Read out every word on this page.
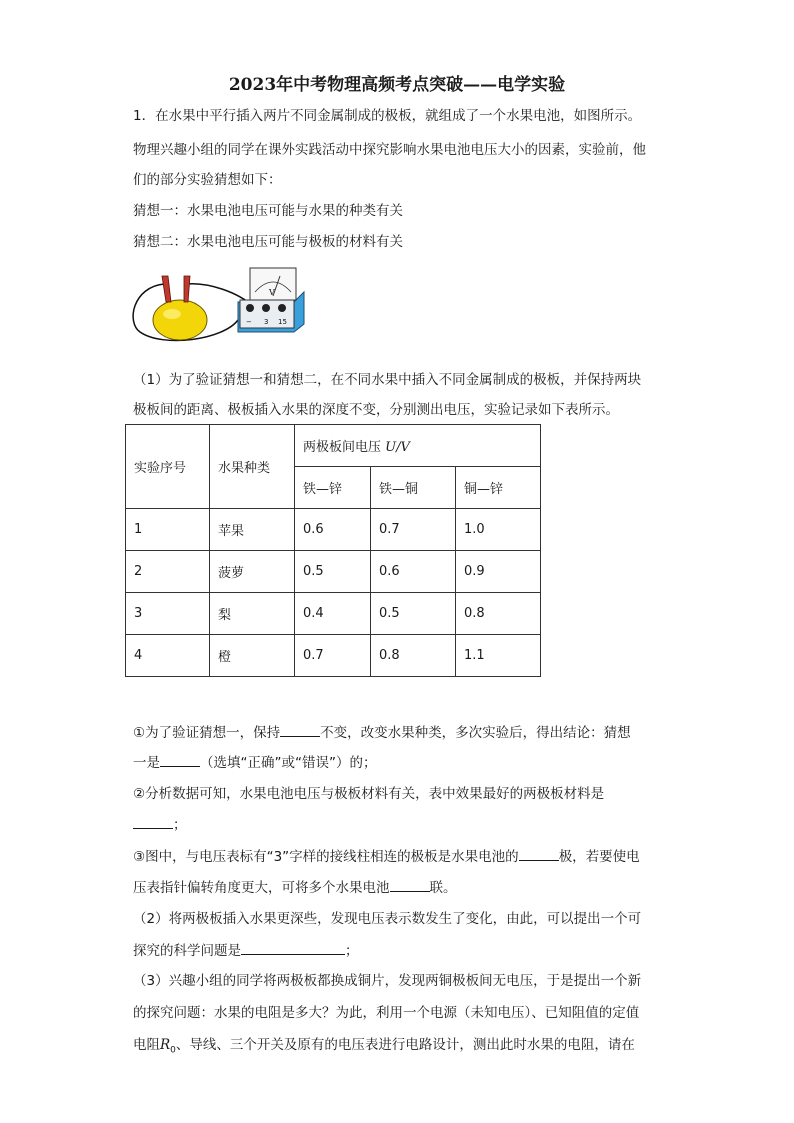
2023年中考物理高频考点突破——电学实验
1．在水果中平行插入两片不同金属制成的极板，就组成了一个水果电池，如图所示。
物理兴趣小组的同学在课外实践活动中探究影响水果电池电压大小的因素，实验前，他
们的部分实验猜想如下：
猜想一：水果电池电压可能与水果的种类有关
猜想二：水果电池电压可能与极板的材料有关
V
− 3 15
（1）为了验证猜想一和猜想二，在不同水果中插入不同金属制成的极板，并保持两块
极板间的距离、极板插入水果的深度不变，分别测出电压，实验记录如下表所示。
实验序号	水果种类	两极板间电压 U/V		
		铁—锌	铁—铜	铜—锌
1	苹果	0.6	0.7	1.0
2	菠萝	0.5	0.6	0.9
3	梨	0.4	0.5	0.8
4	橙	0.7	0.8	1.1
①为了验证猜想一，保持	不变，改变水果种类，多次实验后，得出结论：猜想
一是	（选填“正确”或“错误”）的；
②分析数据可知，水果电池电压与极板材料有关，表中效果最好的两极板材料是
；
③图中，与电压表标有“3”字样的接线柱相连的极板是水果电池的	极，若要使电
压表指针偏转角度更大，可将多个水果电池	联。
（2）将两极板插入水果更深些，发现电压表示数发生了变化，由此，可以提出一个可
探究的科学问题是	；
（3）兴趣小组的同学将两极板都换成铜片，发现两铜极板间无电压，于是提出一个新
的探究问题：水果的电阻是多大？为此，利用一个电源（未知电压）、已知阻值的定值
电阻$R_0$、导线、三个开关及原有的电压表进行电路设计，测出此时水果的电阻，请在
